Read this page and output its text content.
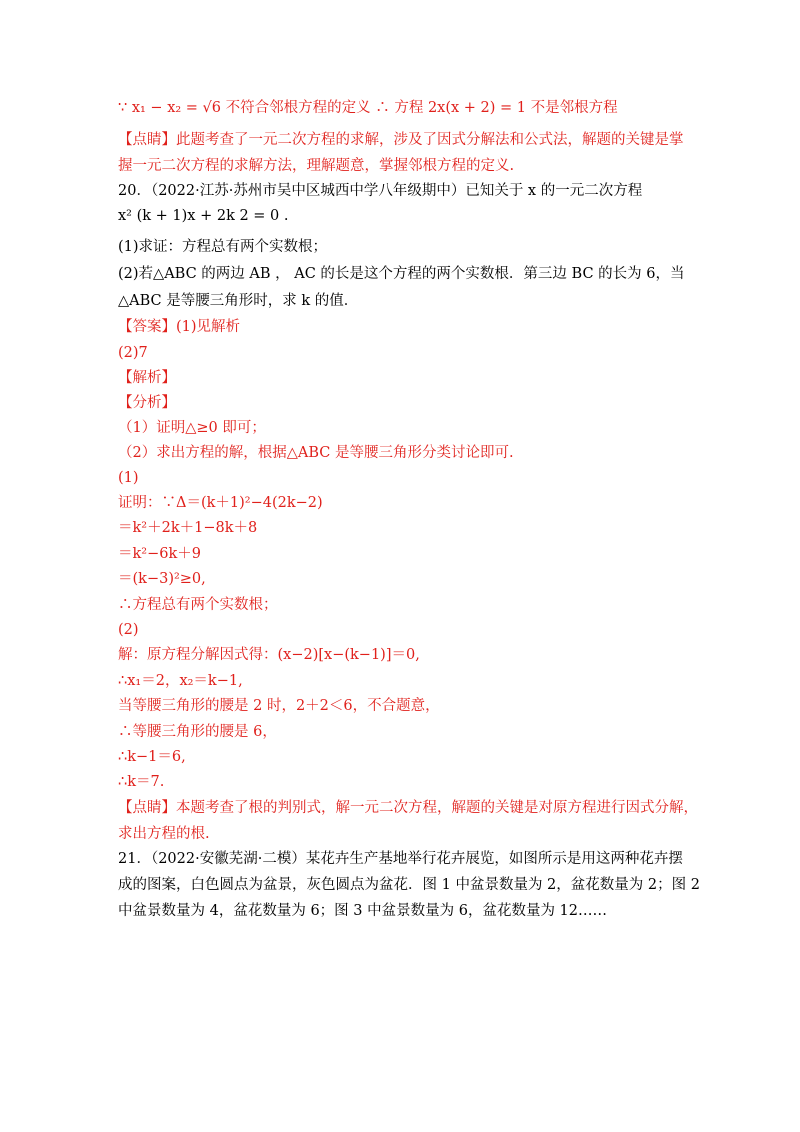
∵ x₁ − x₂ = √6 不符合邻根方程的定义 ∴ 方程 2x(x + 2) = 1 不是邻根方程
【点睛】此题考查了一元二次方程的求解，涉及了因式分解法和公式法，解题的关键是掌
握一元二次方程的求解方法，理解题意，掌握邻根方程的定义.
20．（2022·江苏·苏州市吴中区城西中学八年级期中）已知关于 x 的一元二次方程
x² (k + 1)x + 2k 2 = 0 .
(1)求证：方程总有两个实数根；
(2)若△ABC 的两边 AB ， AC 的长是这个方程的两个实数根．第三边 BC 的长为 6，当
△ABC 是等腰三角形时，求 k 的值．
【答案】(1)见解析
(2)7
【解析】
【分析】
（1）证明△≥0 即可；
（2）求出方程的解，根据△ABC 是等腰三角形分类讨论即可.
(1)
证明：∵Δ＝(k＋1)²−4(2k−2)
＝k²＋2k＋1−8k＋8
＝k²−6k＋9
＝(k−3)²≥0,
∴方程总有两个实数根；
(2)
解：原方程分解因式得：(x−2)[x−(k−1)]＝0,
∴x₁＝2，x₂＝k−1,
当等腰三角形的腰是 2 时，2＋2＜6，不合题意，
∴等腰三角形的腰是 6，
∴k−1＝6,
∴k＝7.
【点睛】本题考查了根的判别式，解一元二次方程，解题的关键是对原方程进行因式分解，
求出方程的根.
21．（2022·安徽芜湖·二模）某花卉生产基地举行花卉展览，如图所示是用这两种花卉摆
成的图案，白色圆点为盆景，灰色圆点为盆花．图 1 中盆景数量为 2，盆花数量为 2；图 2
中盆景数量为 4，盆花数量为 6；图 3 中盆景数量为 6，盆花数量为 12……
